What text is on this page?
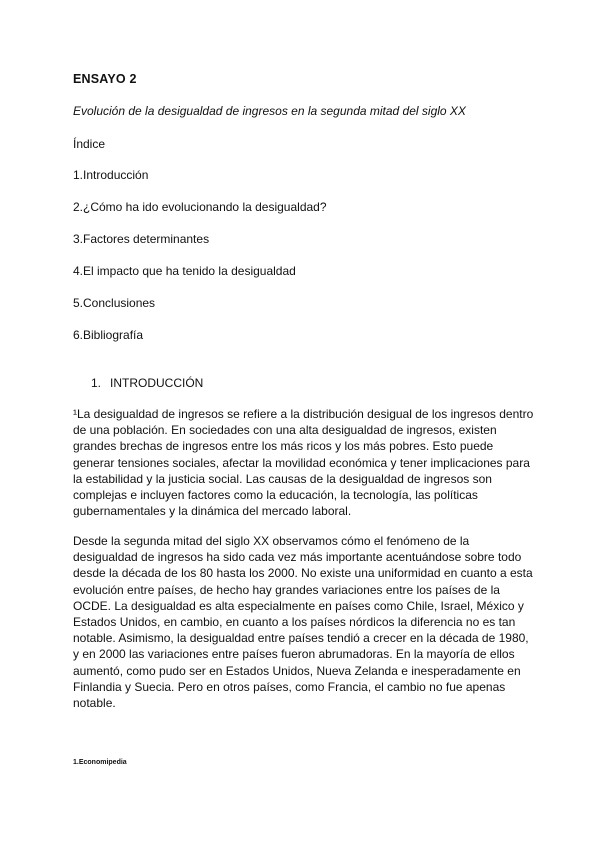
ENSAYO 2
Evolución de la desigualdad de ingresos en la segunda mitad del siglo XX
Índice
1.Introducción
2.¿Cómo ha ido evolucionando la desigualdad?
3.Factores determinantes
4.El impacto que ha tenido la desigualdad
5.Conclusiones
6.Bibliografía
1. INTRODUCCIÓN

¹La desigualdad de ingresos se refiere a la distribución desigual de los ingresos dentro de una población. En sociedades con una alta desigualdad de ingresos, existen grandes brechas de ingresos entre los más ricos y los más pobres. Esto puede generar tensiones sociales, afectar la movilidad económica y tener implicaciones para la estabilidad y la justicia social. Las causas de la desigualdad de ingresos son complejas e incluyen factores como la educación, la tecnología, las políticas gubernamentales y la dinámica del mercado laboral.

Desde la segunda mitad del siglo XX observamos cómo el fenómeno de la desigualdad de ingresos ha sido cada vez más importante acentuándose sobre todo desde la década de los 80 hasta los 2000. No existe una uniformidad en cuanto a esta evolución entre países, de hecho hay grandes variaciones entre los países de la OCDE. La desigualdad es alta especialmente en países como Chile, Israel, México y Estados Unidos, en cambio, en cuanto a los países nórdicos la diferencia no es tan notable. Asimismo, la desigualdad entre países tendió a crecer en la década de 1980, y en 2000 las variaciones entre países fueron abrumadoras. En la mayoría de ellos aumentó, como pudo ser en Estados Unidos, Nueva Zelanda e inesperadamente en Finlandia y Suecia. Pero en otros países, como Francia, el cambio no fue apenas notable.

1.Economipedia
